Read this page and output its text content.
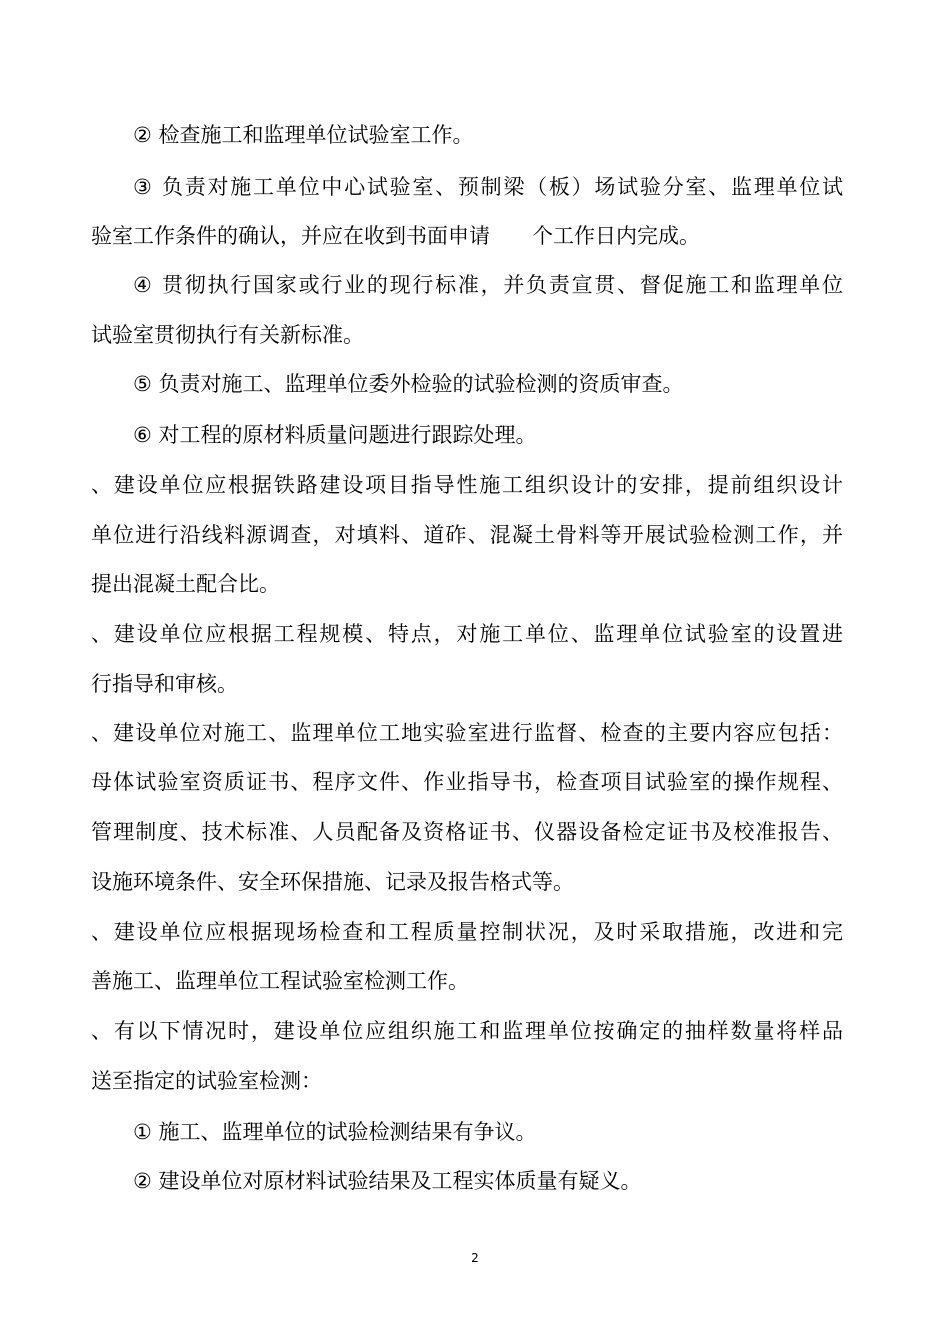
② 检查施工和监理单位试验室工作。
③ 负责对施工单位中心试验室、预制梁（板）场试验分室、监理单位试
验室工作条件的确认，并应在收到书面申请　　个工作日内完成。
④ 贯彻执行国家或行业的现行标准，并负责宣贯、督促施工和监理单位
试验室贯彻执行有关新标准。
⑤ 负责对施工、监理单位委外检验的试验检测的资质审查。
⑥ 对工程的原材料质量问题进行跟踪处理。
、建设单位应根据铁路建设项目指导性施工组织设计的安排，提前组织设计
单位进行沿线料源调查，对填料、道砟、混凝土骨料等开展试验检测工作，并
提出混凝土配合比。
、建设单位应根据工程规模、特点，对施工单位、监理单位试验室的设置进
行指导和审核。
、建设单位对施工、监理单位工地实验室进行监督、检查的主要内容应包括：
母体试验室资质证书、程序文件、作业指导书，检查项目试验室的操作规程、
管理制度、技术标准、人员配备及资格证书、仪器设备检定证书及校准报告、
设施环境条件、安全环保措施、记录及报告格式等。
、建设单位应根据现场检查和工程质量控制状况，及时采取措施，改进和完
善施工、监理单位工程试验室检测工作。
、有以下情况时，建设单位应组织施工和监理单位按确定的抽样数量将样品
送至指定的试验室检测：
① 施工、监理单位的试验检测结果有争议。
② 建设单位对原材料试验结果及工程实体质量有疑义。
2
